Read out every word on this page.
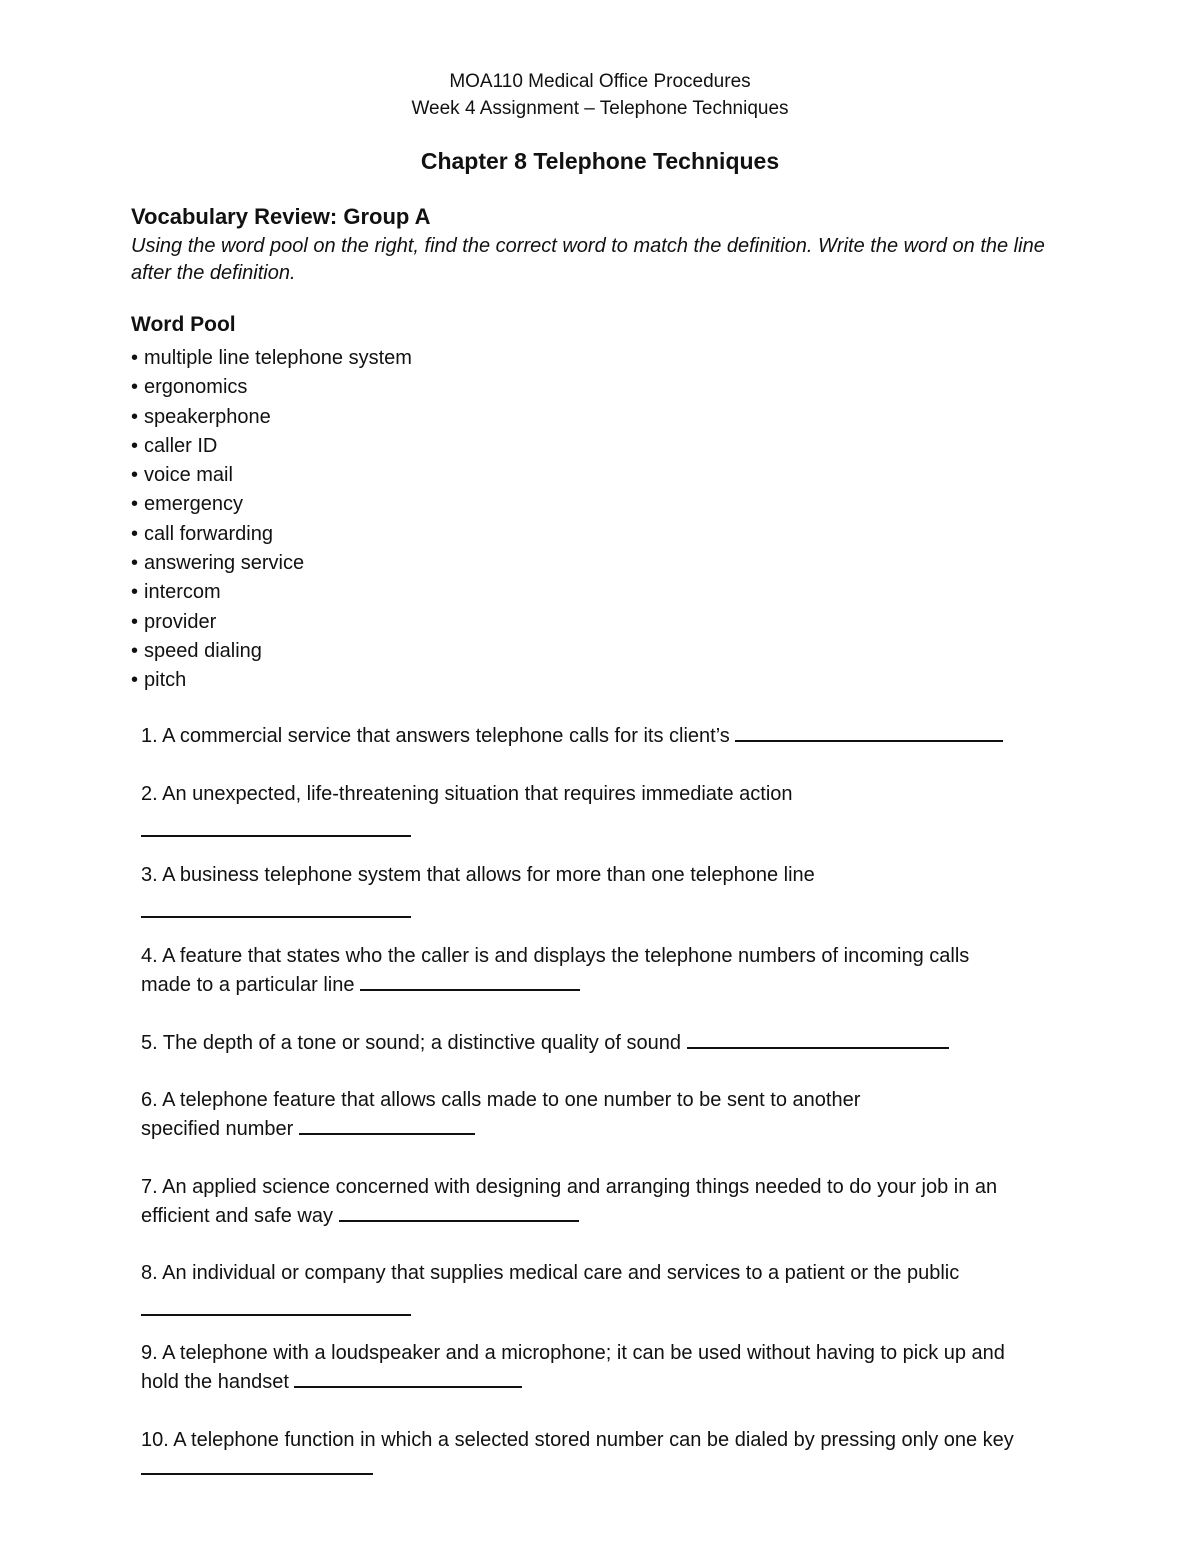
MOA110 Medical Office Procedures
Week 4 Assignment – Telephone Techniques
Chapter 8 Telephone Techniques
Vocabulary Review: Group A
Using the word pool on the right, find the correct word to match the definition. Write the word on the line after the definition.
Word Pool
• multiple line telephone system
• ergonomics
• speakerphone
• caller ID
• voice mail
• emergency
• call forwarding
• answering service
• intercom
• provider
• speed dialing
• pitch
1. A commercial service that answers telephone calls for its client’s
2. An unexpected, life-threatening situation that requires immediate action
3. A business telephone system that allows for more than one telephone line
4. A feature that states who the caller is and displays the telephone numbers of incoming calls made to a particular line
5. The depth of a tone or sound; a distinctive quality of sound
6. A telephone feature that allows calls made to one number to be sent to another specified number
7. An applied science concerned with designing and arranging things needed to do your job in an efficient and safe way
8. An individual or company that supplies medical care and services to a patient or the public
9. A telephone with a loudspeaker and a microphone; it can be used without having to pick up and hold the handset
10. A telephone function in which a selected stored number can be dialed by pressing only one key
